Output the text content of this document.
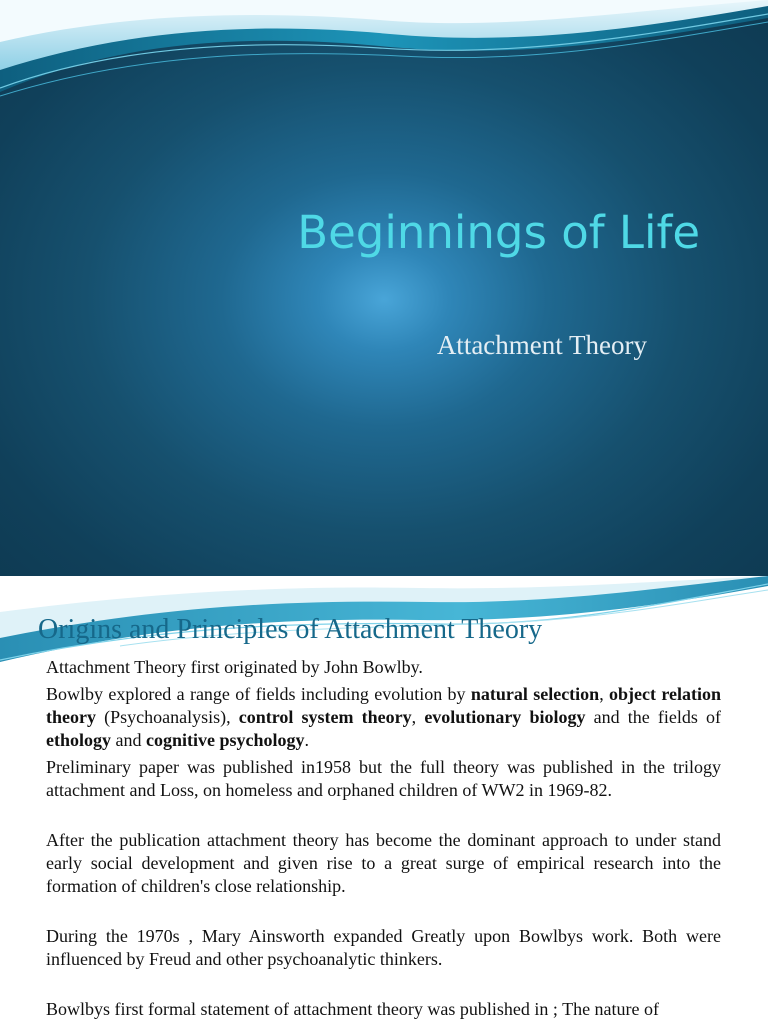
Beginnings of Life
Attachment Theory
Origins and Principles of Attachment Theory

Attachment Theory first originated by John Bowlby.

Bowlby explored a range of fields including evolution by natural selection, object relation theory (Psychoanalysis), control system theory, evolutionary biology and the fields of ethology and cognitive psychology.

Preliminary paper was published in1958 but the full theory was published in the trilogy attachment and Loss, on homeless and orphaned children of WW2 in 1969-82.

After the publication attachment theory has become the dominant approach to under stand early social development and given rise to a great surge of empirical research into the formation of children's close relationship.

During the 1970s , Mary Ainsworth expanded Greatly upon Bowlbys work. Both were influenced by Freud and other psychoanalytic thinkers.

Bowlbys first formal statement of attachment theory was published in ; The nature of
